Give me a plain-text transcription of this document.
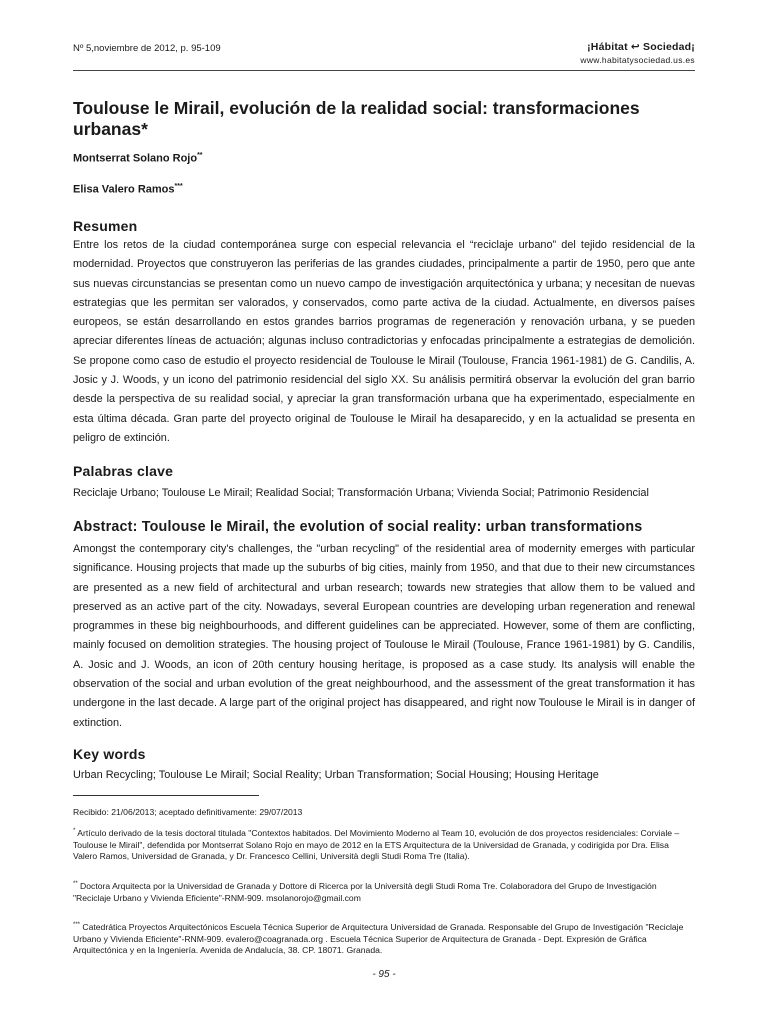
Nº 5,noviembre de 2012, p. 95-109	¡Hábitat ↩ Sociedad¡
www.habitatysociedad.us.es
Toulouse le Mirail, evolución de la realidad social: transformaciones urbanas*
Montserrat Solano Rojo**
Elisa Valero Ramos***
Resumen

Entre los retos de la ciudad contemporánea surge con especial relevancia el “reciclaje urbano” del tejido residencial de la modernidad. Proyectos que construyeron las periferias de las grandes ciudades, principalmente a partir de 1950, pero que ante sus nuevas circunstancias se presentan como un nuevo campo de investigación arquitectónica y urbana; y necesitan de nuevas estrategias que les permitan ser valorados, y conservados, como parte activa de la ciudad. Actualmente, en diversos países europeos, se están desarrollando en estos grandes barrios programas de regeneración y renovación urbana, y se pueden apreciar diferentes líneas de actuación; algunas incluso contradictorias y enfocadas principalmente a estrategias de demolición. Se propone como caso de estudio el proyecto residencial de Toulouse le Mirail (Toulouse, Francia 1961-1981) de G. Candilis, A. Josic y J. Woods, y un icono del patrimonio residencial del siglo XX. Su análisis permitirá observar la evolución del gran barrio desde la perspectiva de su realidad social, y apreciar la gran transformación urbana que ha experimentado, especialmente en esta última década. Gran parte del proyecto original de Toulouse le Mirail ha desaparecido, y en la actualidad se presenta en peligro de extinción.

Palabras clave

Reciclaje Urbano; Toulouse Le Mirail; Realidad Social; Transformación Urbana; Vivienda Social; Patrimonio Residencial

Abstract: Toulouse le Mirail, the evolution of social reality: urban transformations

Amongst the contemporary city's challenges, the "urban recycling" of the residential area of modernity emerges with particular significance. Housing projects that made up the suburbs of big cities, mainly from 1950, and that due to their new circumstances are presented as a new field of architectural and urban research; towards new strategies that allow them to be valued and preserved as an active part of the city. Nowadays, several European countries are developing urban regeneration and renewal programmes in these big neighbourhoods, and different guidelines can be appreciated. However, some of them are conflicting, mainly focused on demolition strategies. The housing project of Toulouse le Mirail (Toulouse, France 1961-1981) by G. Candilis, A. Josic and J. Woods, an icon of 20th century housing heritage, is proposed as a case study. Its analysis will enable the observation of the social and urban evolution of the great neighbourhood, and the assessment of the great transformation it has undergone in the last decade. A large part of the original project has disappeared, and right now Toulouse le Mirail is in danger of extinction.

Key words

Urban Recycling; Toulouse Le Mirail; Social Reality; Urban Transformation; Social Housing; Housing Heritage

Recibido: 21/06/2013; aceptado definitivamente: 29/07/2013

* Artículo derivado de la tesis doctoral titulada "Contextos habitados. Del Movimiento Moderno al Team 10, evolución de dos proyectos residenciales: Corviale – Toulouse le Mirail", defendida por Montserrat Solano Rojo en mayo de 2012 en la ETS Arquitectura de la Universidad de Granada, y codirigida por Dra. Elisa Valero Ramos, Universidad de Granada, y Dr. Francesco Cellini, Università degli Studi Roma Tre (Italia).

** Doctora Arquitecta por la Universidad de Granada y Dottore di Ricerca por la Università degli Studi Roma Tre. Colaboradora del Grupo de Investigación "Reciclaje Urbano y Vivienda Eficiente"-RNM-909. msolanorojo@gmail.com

*** Catedrática Proyectos Arquitectónicos Escuela Técnica Superior de Arquitectura Universidad de Granada. Responsable del Grupo de Investigación "Reciclaje Urbano y Vivienda Eficiente"-RNM-909. evalero@coagranada.org . Escuela Técnica Superior de Arquitectura de Granada - Dept. Expresión de Gráfica Arquitectónica y en la Ingeniería. Avenida de Andalucía, 38. CP. 18071. Granada.

- 95 -
